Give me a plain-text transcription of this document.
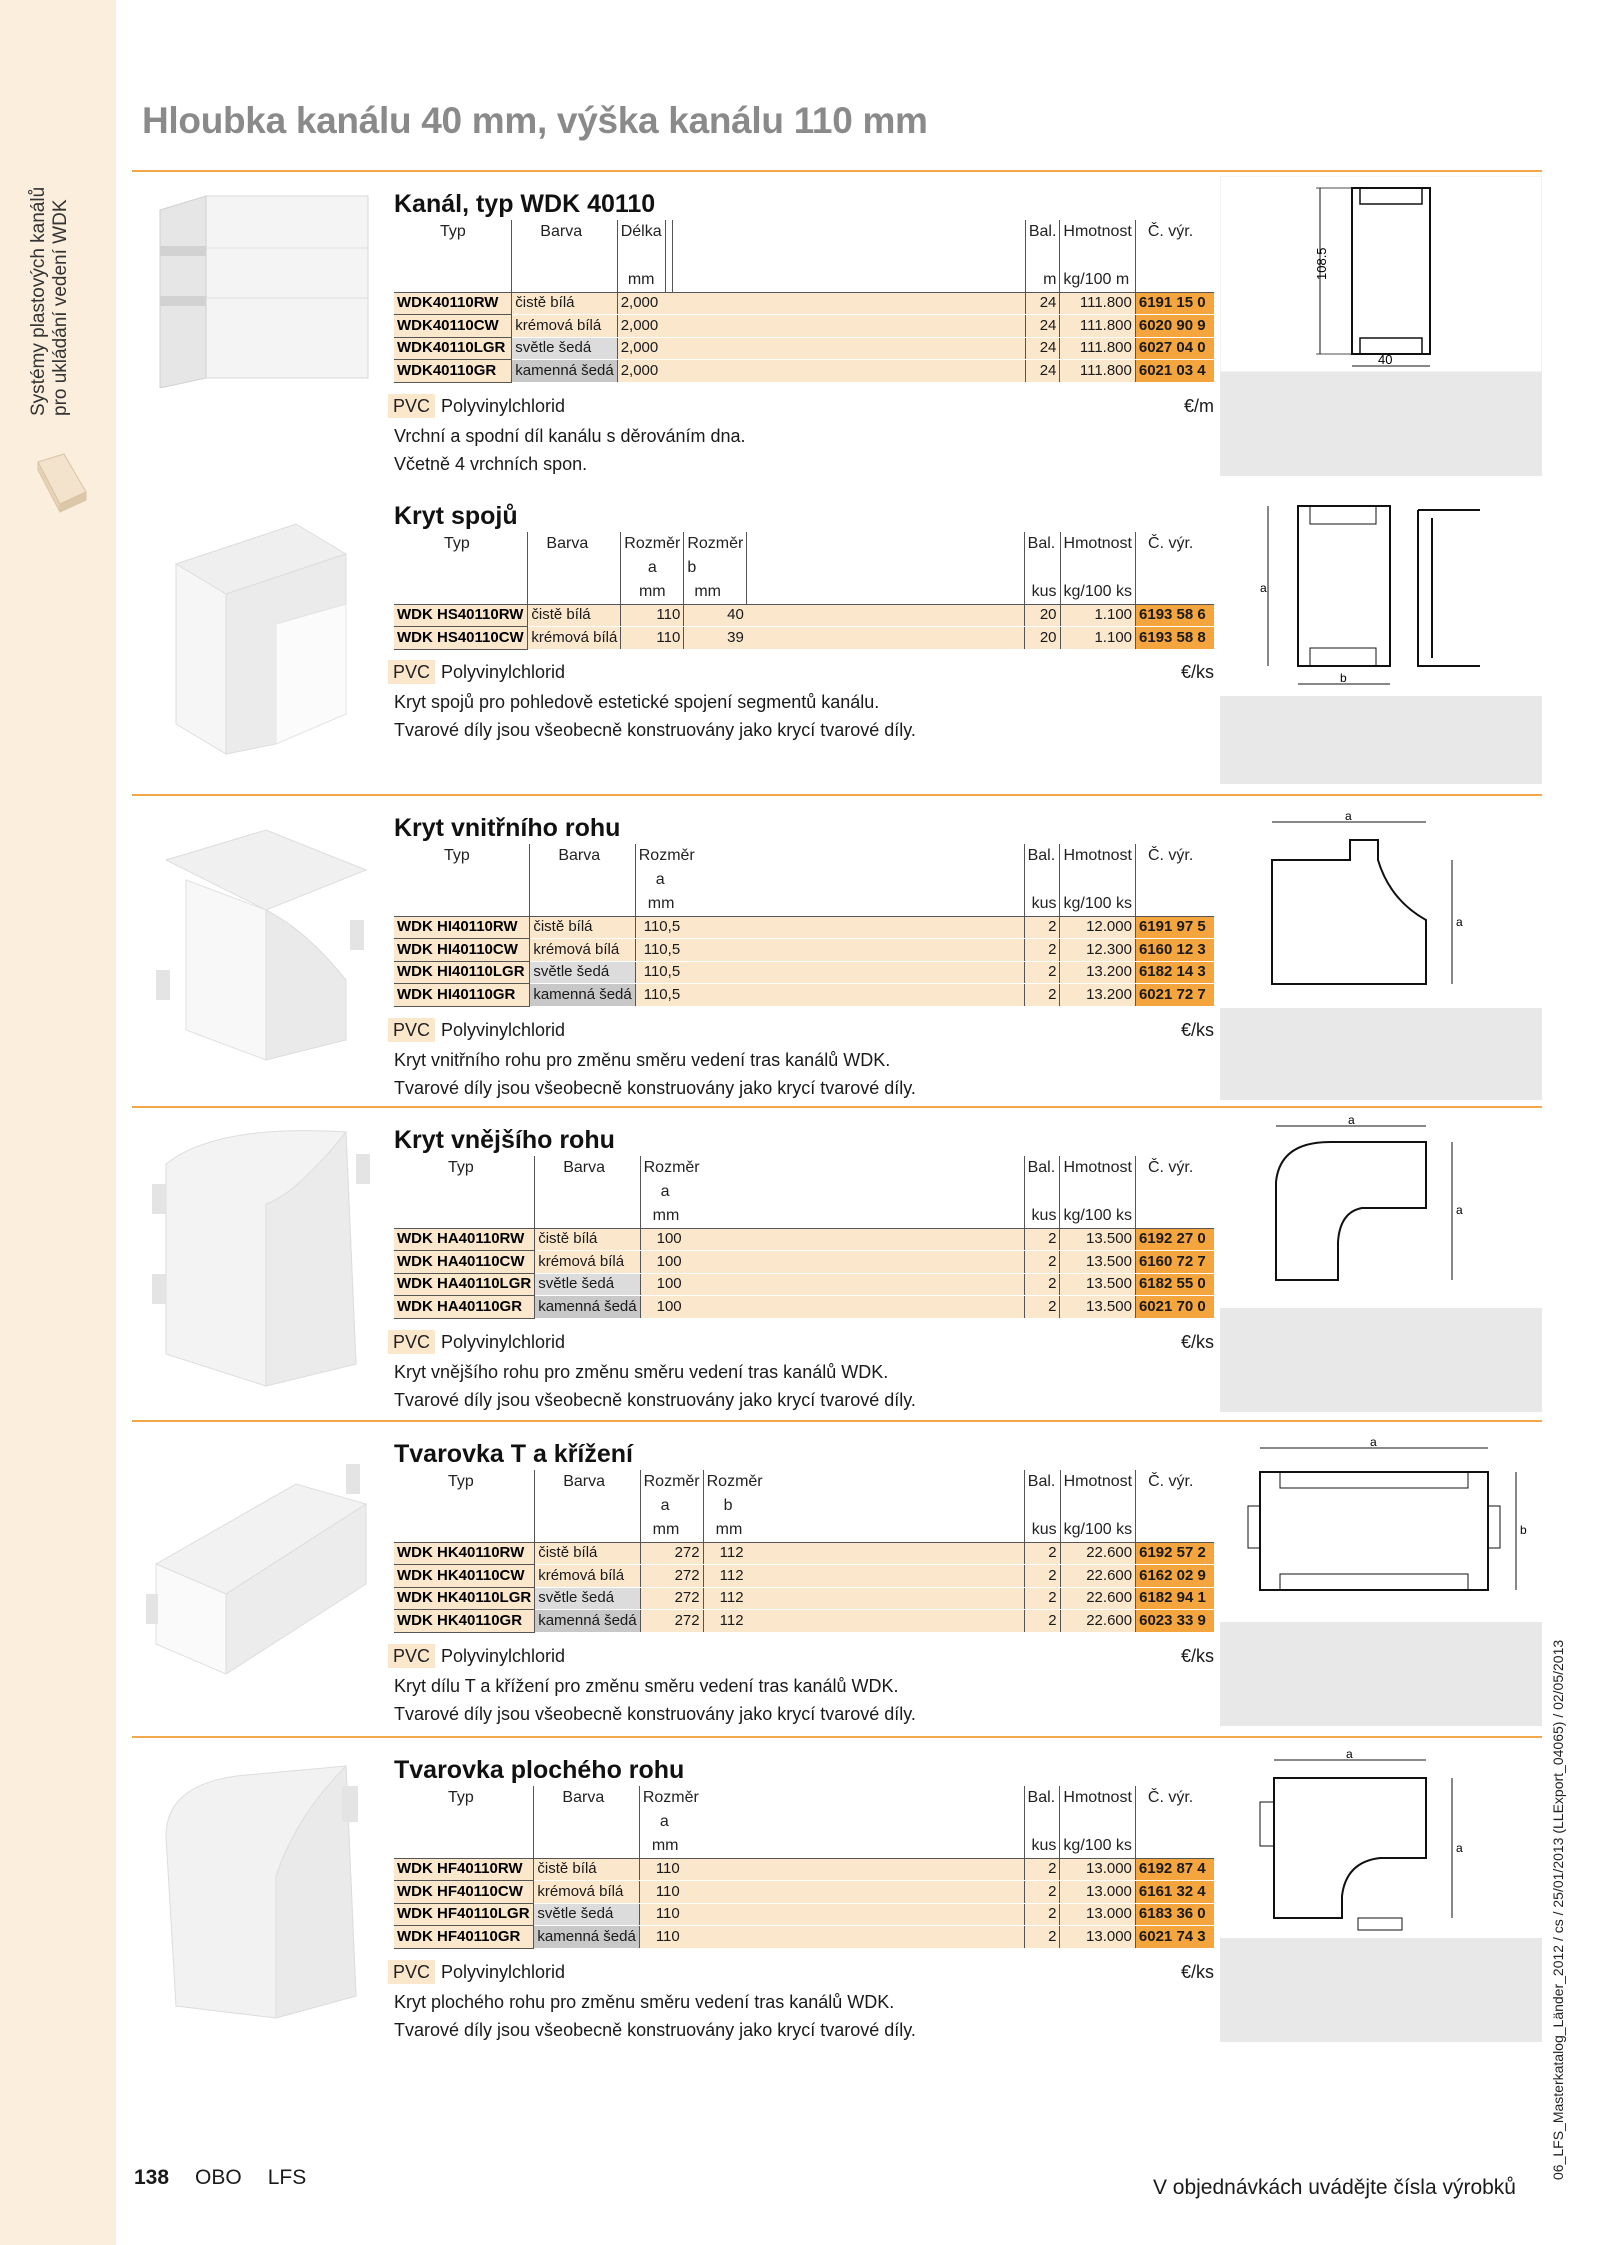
Systémy plastových kanálů pro ukládání vedení WDK
Hloubka kanálu 40 mm, výška kanálu 110 mm
06_LFS_Masterkatalog_Länder_2012 / cs / 25/01/2013 (LLExport_04065) / 02/05/2013
Kanál, typ WDK 40110
Typ	Barva	Délka			Bal.	Hmotnost	Č. výr.

		mm			m	kg/100 m	
WDK40110RW	čistě bílá	2,000			24	111.800	6191 15 0
WDK40110CW	krémová bílá	2,000			24	111.800	6020 90 9
WDK40110LGR	světle šedá	2,000			24	111.800	6027 04 0
WDK40110GR	kamenná šedá	2,000			24	111.800	6021 03 4
PVC Polyvinylchlorid	€/m
Vrchní a spodní díl kanálu s děrováním dna.
Včetně 4 vrchních spon.
108.5
40
Kryt spojů
Typ	Barva	Rozměr	Rozměr		Bal.	Hmotnost	Č. výr.
		a	b				
		mm	mm		kus	kg/100 ks	
WDK HS40110RW	čistě bílá	110	40		20	1.100	6193 58 6
WDK HS40110CW	krémová bílá	110	39		20	1.100	6193 58 8
PVC Polyvinylchlorid	€/ks
Kryt spojů pro pohledově estetické spojení segmentů kanálu.
Tvarové díly jsou všeobecně konstruovány jako krycí tvarové díly.
a
b
Kryt vnitřního rohu
Typ	Barva	Rozměr			Bal.	Hmotnost	Č. výr.
		a					
		mm			kus	kg/100 ks	
WDK HI40110RW	čistě bílá	110,5			2	12.000	6191 97 5
WDK HI40110CW	krémová bílá	110,5			2	12.300	6160 12 3
WDK HI40110LGR	světle šedá	110,5			2	13.200	6182 14 3
WDK HI40110GR	kamenná šedá	110,5			2	13.200	6021 72 7
PVC Polyvinylchlorid	€/ks
Kryt vnitřního rohu pro změnu směru vedení tras kanálů WDK.
Tvarové díly jsou všeobecně konstruovány jako krycí tvarové díly.
a
a
Kryt vnějšího rohu
Typ	Barva	Rozměr			Bal.	Hmotnost	Č. výr.
		a					
		mm			kus	kg/100 ks	
WDK HA40110RW	čistě bílá	100			2	13.500	6192 27 0
WDK HA40110CW	krémová bílá	100			2	13.500	6160 72 7
WDK HA40110LGR	světle šedá	100			2	13.500	6182 55 0
WDK HA40110GR	kamenná šedá	100			2	13.500	6021 70 0
PVC Polyvinylchlorid	€/ks
Kryt vnějšího rohu pro změnu směru vedení tras kanálů WDK.
Tvarové díly jsou všeobecně konstruovány jako krycí tvarové díly.
a
a
Tvarovka T a křížení
Typ	Barva	Rozměr	Rozměr		Bal.	Hmotnost	Č. výr.
		a	b				
		mm	mm		kus	kg/100 ks	
WDK HK40110RW	čistě bílá	272	112		2	22.600	6192 57 2
WDK HK40110CW	krémová bílá	272	112		2	22.600	6162 02 9
WDK HK40110LGR	světle šedá	272	112		2	22.600	6182 94 1
WDK HK40110GR	kamenná šedá	272	112		2	22.600	6023 33 9
PVC Polyvinylchlorid	€/ks
Kryt dílu T a křížení pro změnu směru vedení tras kanálů WDK.
Tvarové díly jsou všeobecně konstruovány jako krycí tvarové díly.
a
b
Tvarovka plochého rohu
Typ	Barva	Rozměr			Bal.	Hmotnost	Č. výr.
		a					
		mm			kus	kg/100 ks	
WDK HF40110RW	čistě bílá	110			2	13.000	6192 87 4
WDK HF40110CW	krémová bílá	110			2	13.000	6161 32 4
WDK HF40110LGR	světle šedá	110			2	13.000	6183 36 0
WDK HF40110GR	kamenná šedá	110			2	13.000	6021 74 3
PVC Polyvinylchlorid	€/ks
Kryt plochého rohu pro změnu směru vedení tras kanálů WDK.
Tvarové díly jsou všeobecně konstruovány jako krycí tvarové díly.
a
a
138 OBO LFS	V objednávkách uvádějte čísla výrobků
